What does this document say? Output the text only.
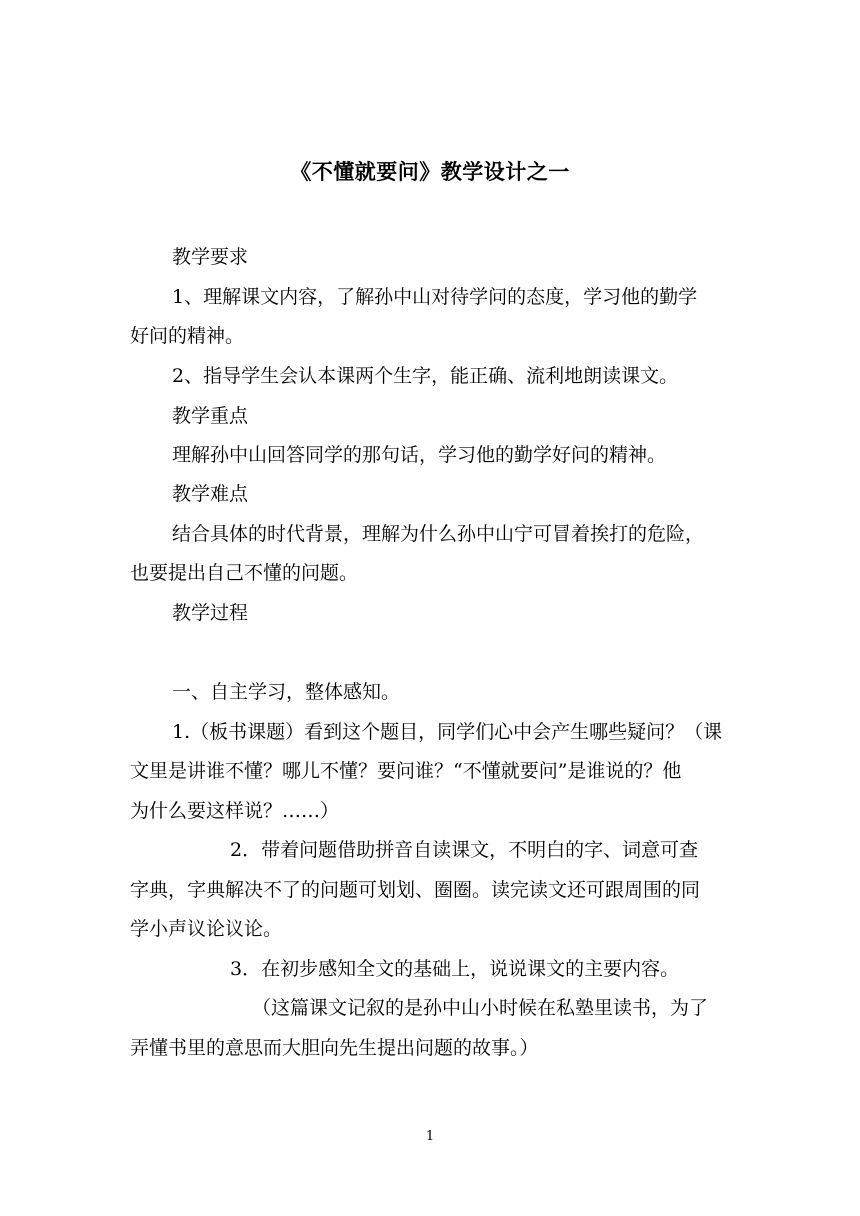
《不懂就要问》教学设计之一
教学要求
1、理解课文内容，了解孙中山对待学问的态度，学习他的勤学
好问的精神。
2、指导学生会认本课两个生字，能正确、流利地朗读课文。
教学重点
理解孙中山回答同学的那句话，学习他的勤学好问的精神。
教学难点
结合具体的时代背景，理解为什么孙中山宁可冒着挨打的危险，
也要提出自己不懂的问题。
教学过程
一、自主学习，整体感知。
1.（板书课题）看到这个题目，同学们心中会产生哪些疑问？（课
文里是讲谁不懂？哪儿不懂？要问谁？“不懂就要问”是谁说的？他
为什么要这样说？……）
2．带着问题借助拼音自读课文，不明白的字、词意可查
字典，字典解决不了的问题可划划、圈圈。读完读文还可跟周围的同
学小声议论议论。
3．在初步感知全文的基础上，说说课文的主要内容。
（这篇课文记叙的是孙中山小时候在私塾里读书，为了
弄懂书里的意思而大胆向先生提出问题的故事。）
1
